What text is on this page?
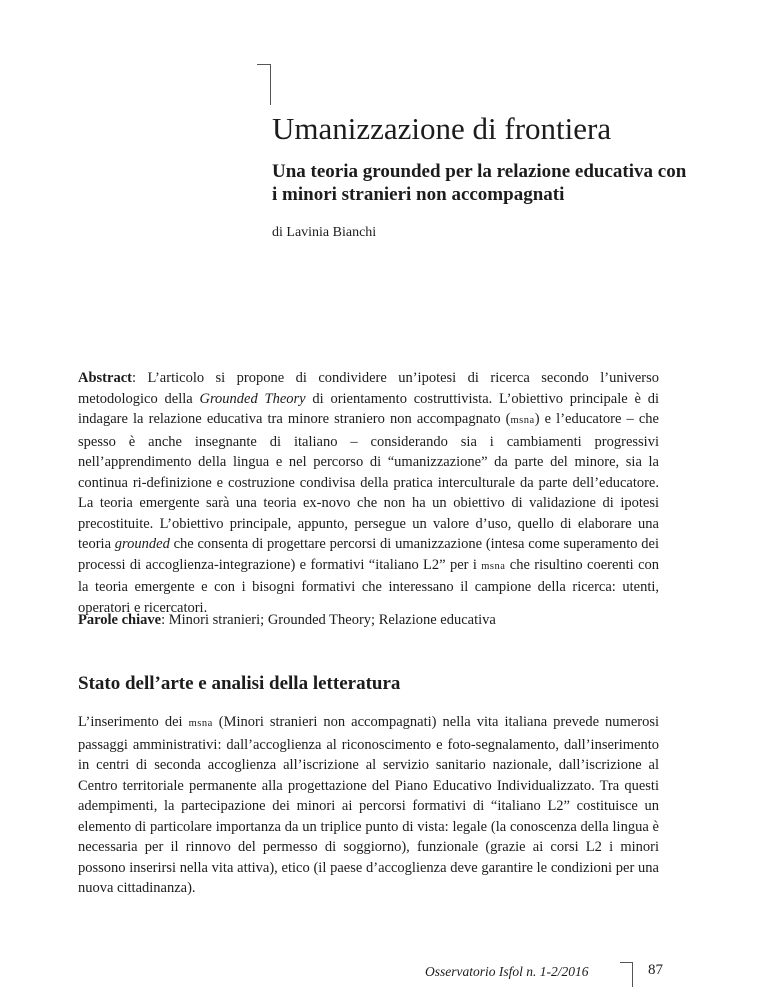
Umanizzazione di frontiera
Una teoria grounded per la relazione educativa con i minori stranieri non accompagnati

di Lavinia Bianchi

Abstract: L’articolo si propone di condividere un’ipotesi di ricerca secondo l’universo metodologico della Grounded Theory di orientamento costruttivista. L’obiettivo principale è di indagare la relazione educativa tra minore straniero non accompagnato (msna) e l’educatore – che spesso è anche insegnante di italiano – considerando sia i cambiamenti progressivi nell’apprendimento della lingua e nel percorso di “umanizzazione” da parte del minore, sia la continua ri-definizione e costruzione condivisa della pratica interculturale da parte dell’educatore. La teoria emergente sarà una teoria ex-novo che non ha un obiettivo di validazione di ipotesi precostituite. L’obiettivo principale, appunto, persegue un valore d’uso, quello di elaborare una teoria grounded che consenta di progettare percorsi di umanizzazione (intesa come superamento dei processi di accoglienza-integrazione) e formativi “italiano L2” per i msna che risultino coerenti con la teoria emergente e con i bisogni formativi che interessano il campione della ricerca: utenti, operatori e ricercatori.

Parole chiave: Minori stranieri; Grounded Theory; Relazione educativa

Stato dell’arte e analisi della letteratura

L’inserimento dei msna (Minori stranieri non accompagnati) nella vita italiana prevede numerosi passaggi amministrativi: dall’accoglienza al riconoscimento e foto-segnalamento, dall’inserimento in centri di seconda accoglienza all’iscrizione al servizio sanitario nazionale, dall’iscrizione al Centro territoriale permanente alla progettazione del Piano Educativo Individualizzato. Tra questi adempimenti, la partecipazione dei minori ai percorsi formativi di “italiano L2” costituisce un elemento di particolare importanza da un triplice punto di vista: legale (la conoscenza della lingua è necessaria per il rinnovo del permesso di soggiorno), funzionale (grazie ai corsi L2 i minori possono inserirsi nella vita attiva), etico (il paese d’accoglienza deve garantire le condizioni per una nuova cittadinanza).

Osservatorio Isfol n. 1-2/2016	87
